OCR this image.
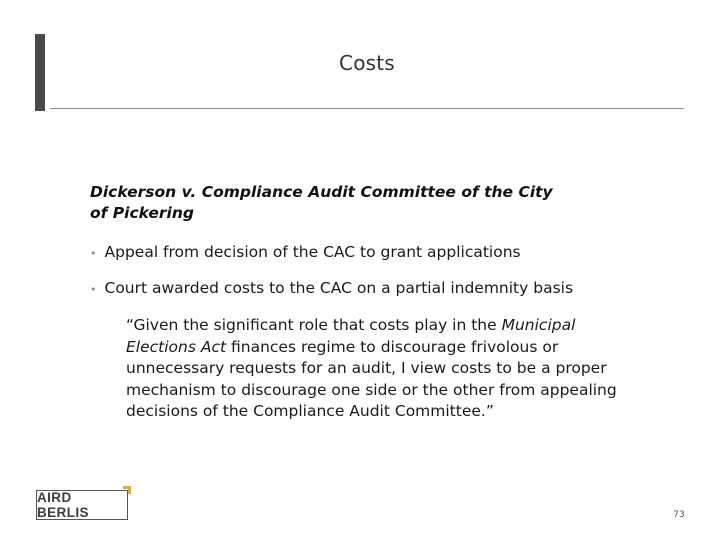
Costs
Dickerson v. Compliance Audit Committee of the City of Pickering
• Appeal from decision of the CAC to grant applications
• Court awarded costs to the CAC on a partial indemnity basis
“Given the significant role that costs play in the Municipal Elections Act finances regime to discourage frivolous or unnecessary requests for an audit, I view costs to be a proper mechanism to discourage one side or the other from appealing decisions of the Compliance Audit Committee.”
AIRD BERLIS	73
